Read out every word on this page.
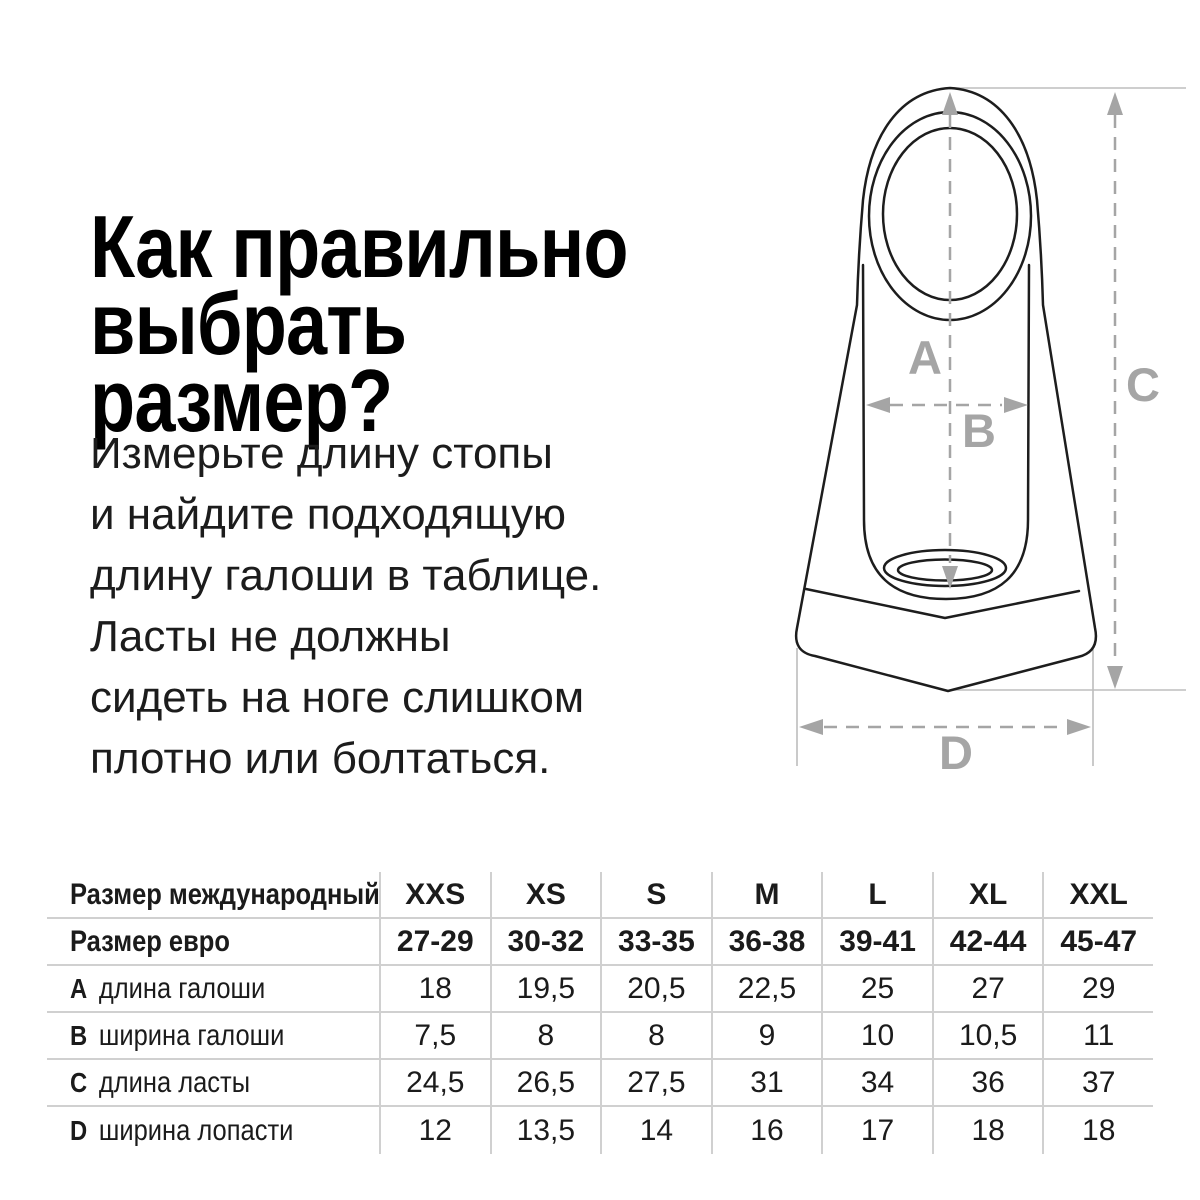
Как правильно
выбрать
размер?
Измерьте длину стопы
и найдите подходящую
длину галоши в таблице.
Ласты не должны
сидеть на ноге слишком
плотно или болтаться.
A
B
C
D
Размер международный XXS	XS	S	M	L	XL	XXL
Размер евро	27-29	30-32	33-35	36-38	39-41	42-44	45-47
A длина галоши	18	19,5	20,5	22,5	25	27	29
B ширина галоши	7,5	8	8	9	10	10,5	11
C длина ласты	24,5	26,5	27,5	31	34	36	37
D ширина лопасти	12	13,5	14	16	17	18	18
